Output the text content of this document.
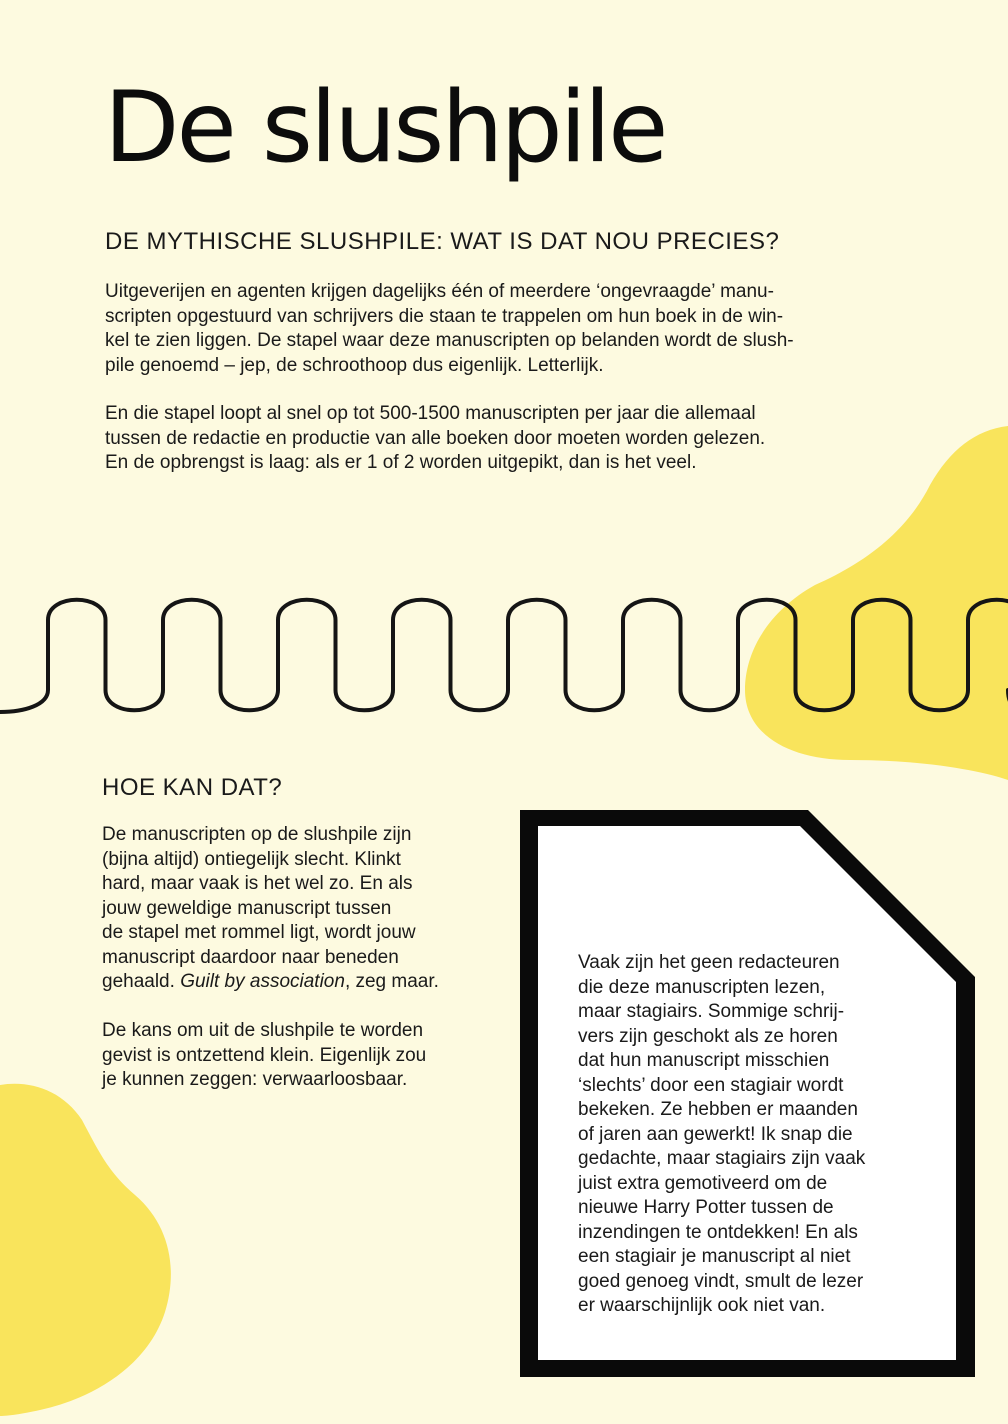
De slushpile
DE MYTHISCHE SLUSHPILE: WAT IS DAT NOU PRECIES?

Uitgeverijen en agenten krijgen dagelijks één of meerdere ‘ongevraagde’ manu-
scripten opgestuurd van schrijvers die staan te trappelen om hun boek in de win-
kel te zien liggen. De stapel waar deze manuscripten op belanden wordt de slush-
pile genoemd – jep, de schroothoop dus eigenlijk. Letterlijk.

En die stapel loopt al snel op tot 500-1500 manuscripten per jaar die allemaal
tussen de redactie en productie van alle boeken door moeten worden gelezen.
En de opbrengst is laag: als er 1 of 2 worden uitgepikt, dan is het veel.

HOE KAN DAT?

De manuscripten op de slushpile zijn
(bijna altijd) ontiegelijk slecht. Klinkt
hard, maar vaak is het wel zo. En als
jouw geweldige manuscript tussen
de stapel met rommel ligt, wordt jouw
manuscript daardoor naar beneden
gehaald. Guilt by association, zeg maar.

De kans om uit de slushpile te worden
gevist is ontzettend klein. Eigenlijk zou
je kunnen zeggen: verwaarloosbaar.

Vaak zijn het geen redacteuren
die deze manuscripten lezen,
maar stagiairs. Sommige schrij-
vers zijn geschokt als ze horen
dat hun manuscript misschien
‘slechts’ door een stagiair wordt
bekeken. Ze hebben er maanden
of jaren aan gewerkt! Ik snap die
gedachte, maar stagiairs zijn vaak
juist extra gemotiveerd om de
nieuwe Harry Potter tussen de
inzendingen te ontdekken! En als
een stagiair je manuscript al niet
goed genoeg vindt, smult de lezer
er waarschijnlijk ook niet van.
